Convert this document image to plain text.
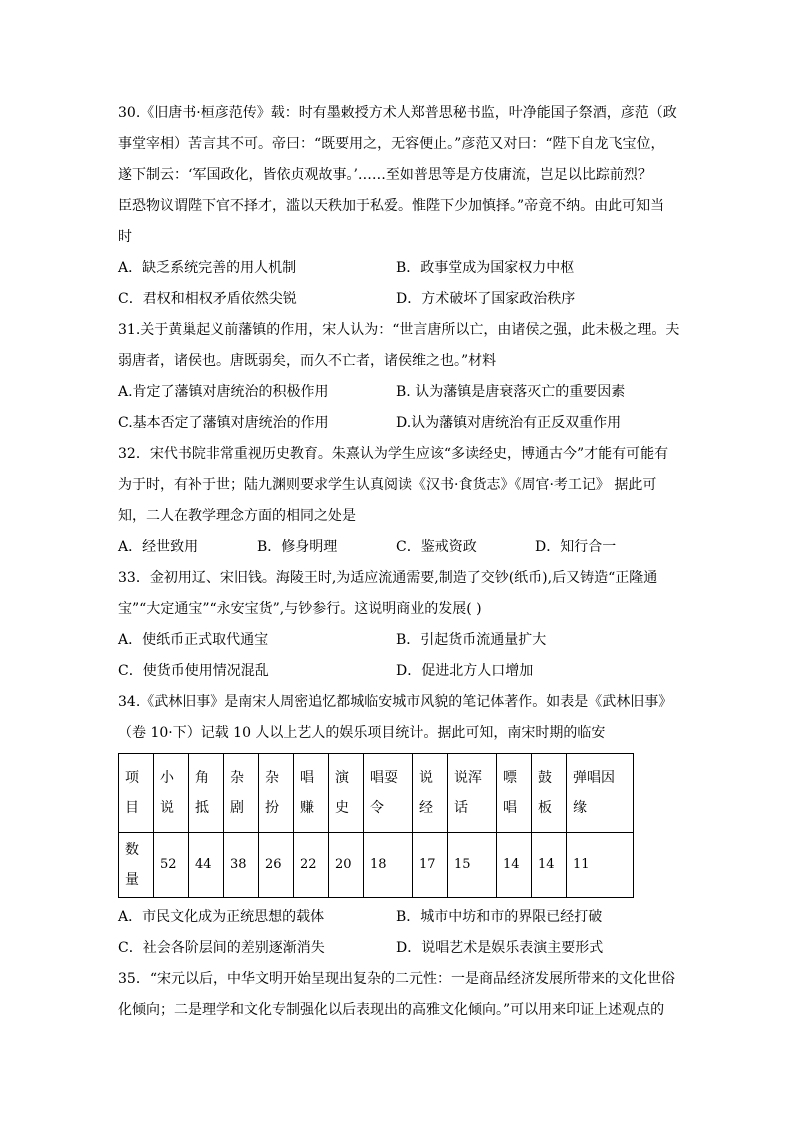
30.《旧唐书·桓彦范传》载：时有墨敕授方术人郑普思秘书监，叶净能国子祭酒，彦范（政

事堂宰相）苦言其不可。帝曰：“既要用之，无容便止。”彦范又对曰：“陛下自龙飞宝位，

遂下制云：‘军国政化，皆依贞观故事。’……至如普思等是方伎庸流，岂足以比踪前烈？

臣恐物议谓陛下官不择才，滥以天秩加于私爱。惟陛下少加慎择。”帝竟不纳。由此可知当

时

A．缺乏系统完善的用人机制	B．政事堂成为国家权力中枢
C．君权和相权矛盾依然尖锐	D．方术破坏了国家政治秩序

31.关于黄巢起义前藩镇的作用，宋人认为：“世言唐所以亡，由诸侯之强，此未极之理。夫

弱唐者，诸侯也。唐既弱矣，而久不亡者，诸侯维之也。”材料

A.肯定了藩镇对唐统治的积极作用	B. 认为藩镇是唐衰落灭亡的重要因素
C.基本否定了藩镇对唐统治的作用	D.认为藩镇对唐统治有正反双重作用

32．宋代书院非常重视历史教育。朱熹认为学生应该“多读经史，博通古今”才能有可能有

为于时，有补于世；陆九渊则要求学生认真阅读《汉书·食货志》《周官·考工记》 据此可

知，二人在教学理念方面的相同之处是

A．经世致用	B．修身明理	C．鉴戒资政	D．知行合一

33．金初用辽、宋旧钱。海陵王时,为适应流通需要,制造了交钞(纸币),后又铸造“正隆通

宝”“大定通宝”“永安宝货”,与钞参行。这说明商业的发展( )

A．使纸币正式取代通宝	B．引起货币流通量扩大
C．使货币使用情况混乱	D．促进北方人口增加

34.《武林旧事》是南宋人周密追忆都城临安城市风貌的笔记体著作。如表是《武林旧事》

（卷 10·下）记载 10 人以上艺人的娱乐项目统计。据此可知，南宋时期的临安

项目	小说	角抵	杂剧	杂扮	唱赚	演史	唱耍令	说经	说浑话	嘌唱	鼓板	弹唱因缘
数量	52	44	38	26	22	20	18	17	15	14	14	11
A．市民文化成为正统思想的载体	B．城市中坊和市的界限已经打破
C．社会各阶层间的差别逐渐消失	D．说唱艺术是娱乐表演主要形式

35．“宋元以后，中华文明开始呈现出复杂的二元性：一是商品经济发展所带来的文化世俗

化倾向；二是理学和文化专制强化以后表现出的高雅文化倾向。”可以用来印证上述观点的
